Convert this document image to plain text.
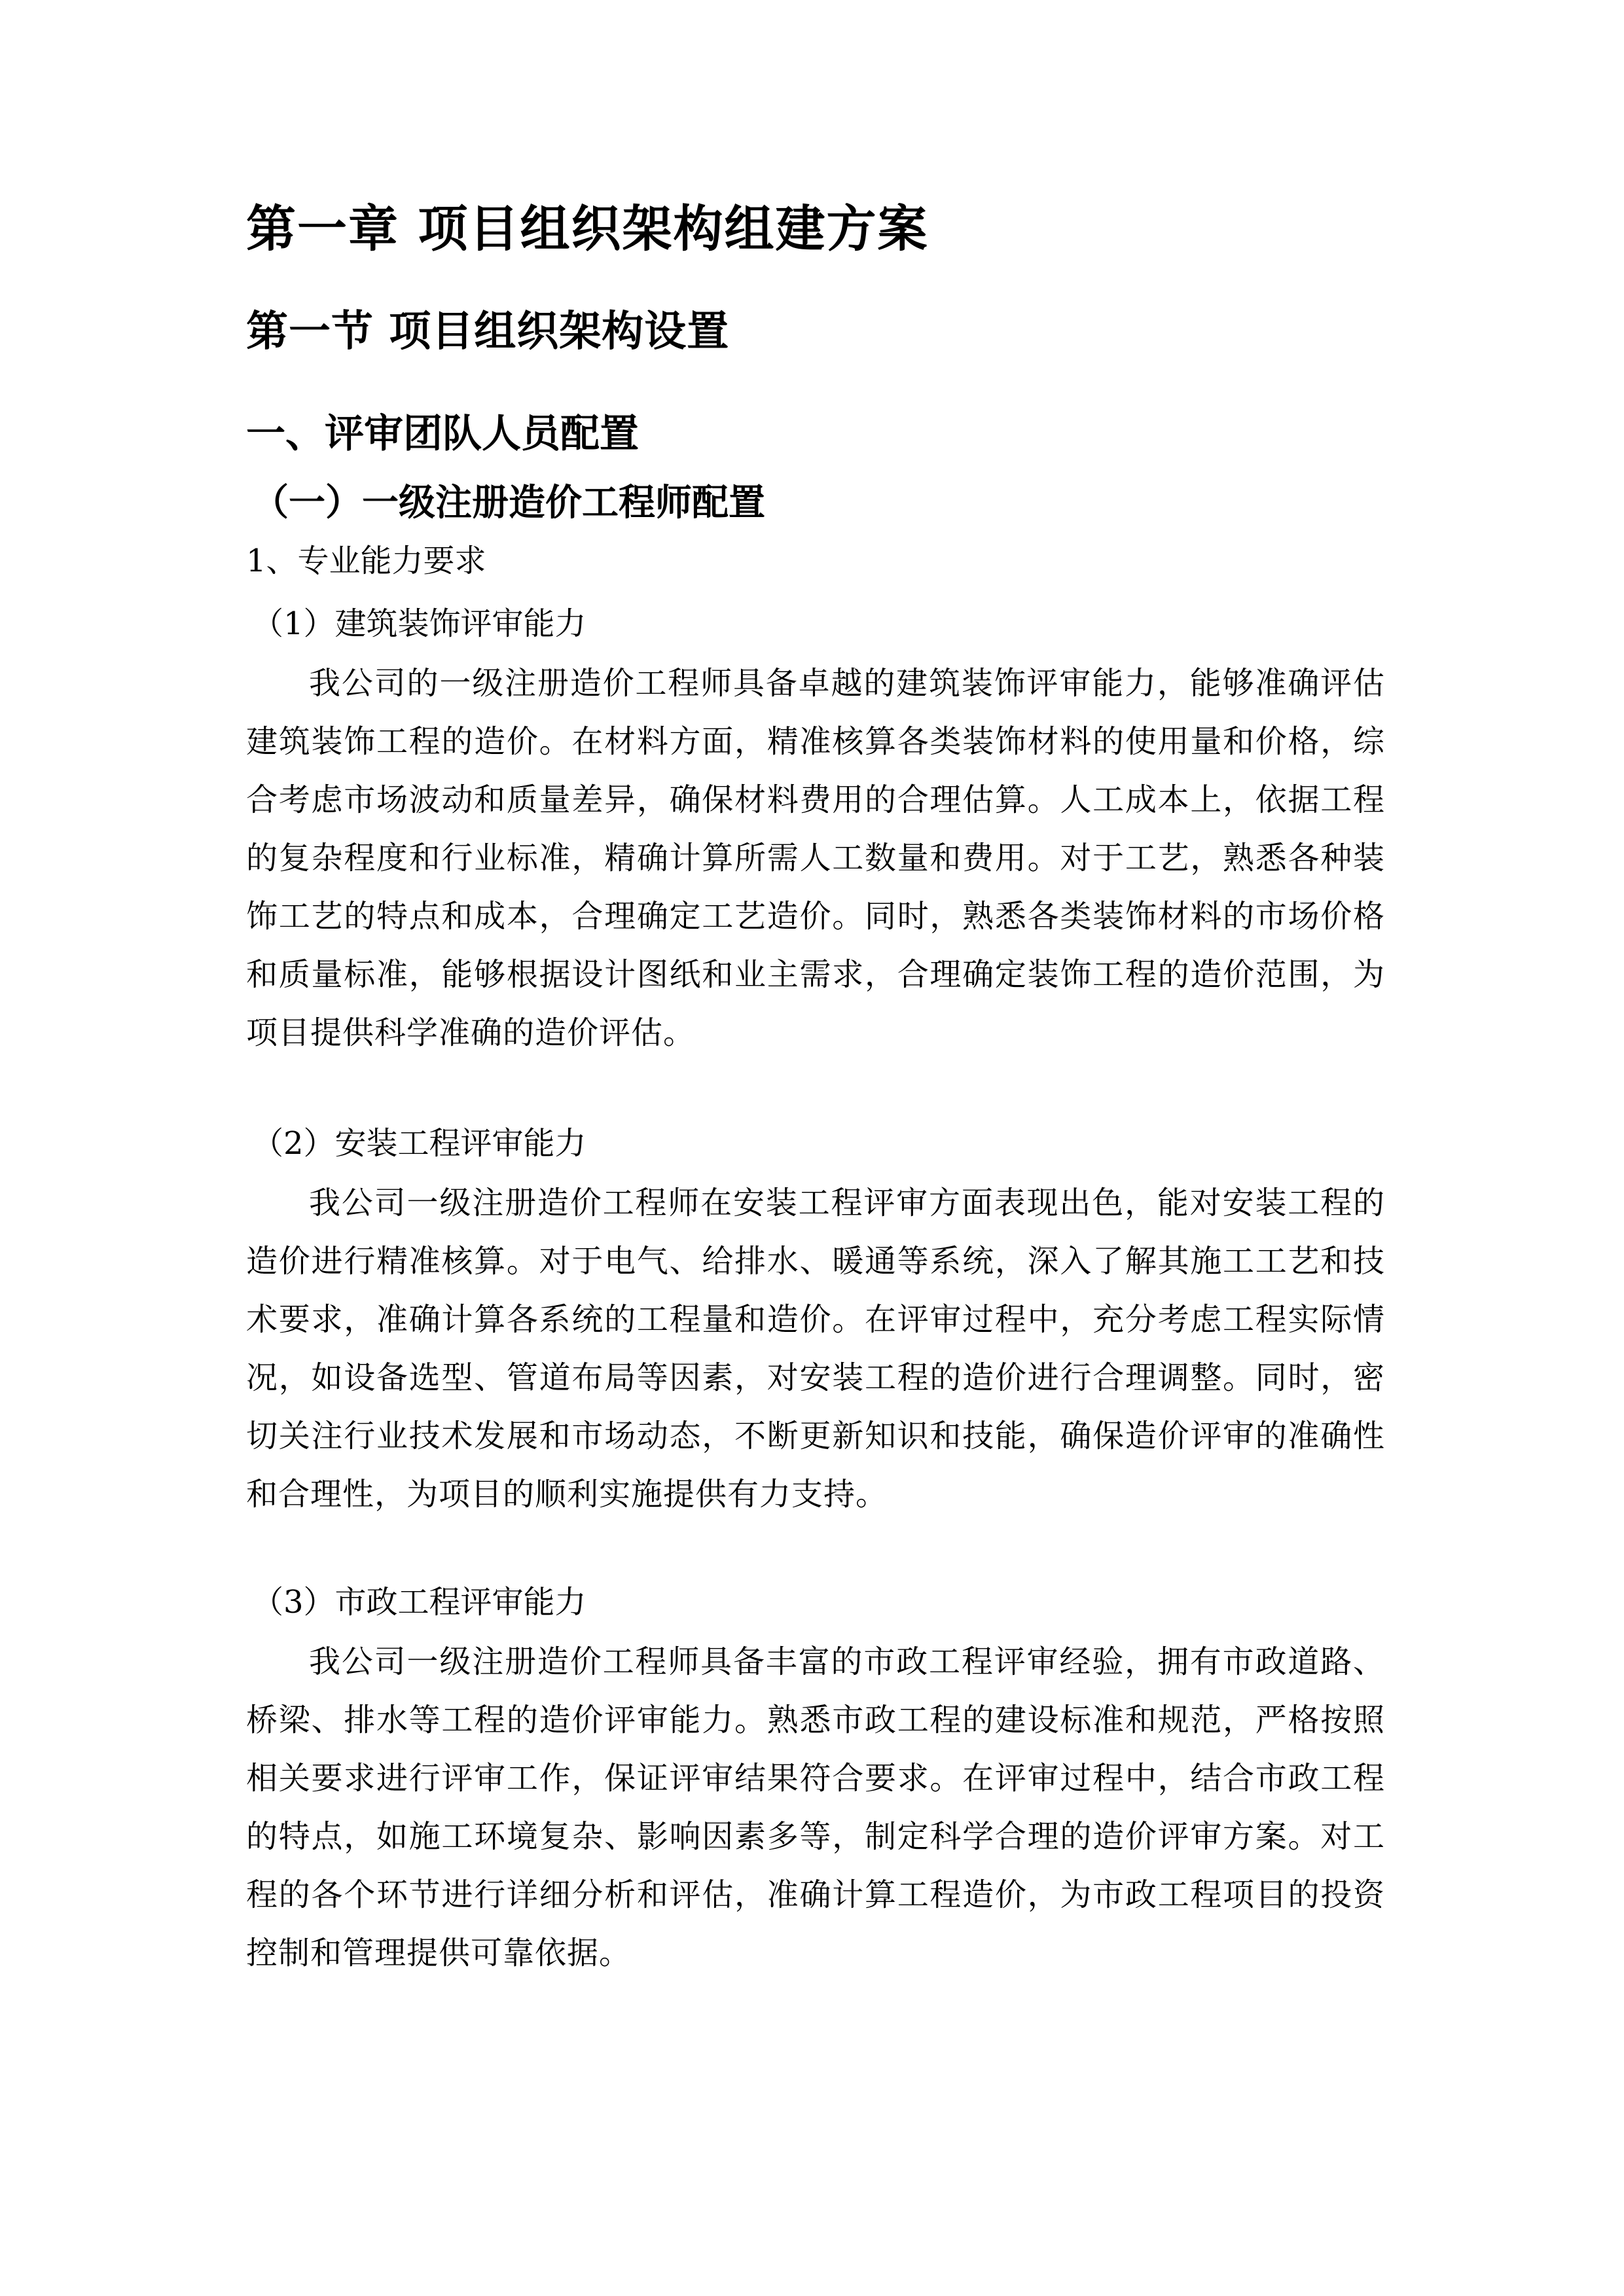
第一章 项目组织架构组建方案
第一节 项目组织架构设置
一、评审团队人员配置
（一）一级注册造价工程师配置
1、专业能力要求
（1）建筑装饰评审能力

我公司的一级注册造价工程师具备卓越的建筑装饰评审能力，能够准确评估建筑装饰工程的造价。在材料方面，精准核算各类装饰材料的使用量和价格，综合考虑市场波动和质量差异，确保材料费用的合理估算。人工成本上，依据工程的复杂程度和行业标准，精确计算所需人工数量和费用。对于工艺，熟悉各种装饰工艺的特点和成本，合理确定工艺造价。同时，熟悉各类装饰材料的市场价格和质量标准，能够根据设计图纸和业主需求，合理确定装饰工程的造价范围，为项目提供科学准确的造价评估。

（2）安装工程评审能力

我公司一级注册造价工程师在安装工程评审方面表现出色，能对安装工程的造价进行精准核算。对于电气、给排水、暖通等系统，深入了解其施工工艺和技术要求，准确计算各系统的工程量和造价。在评审过程中，充分考虑工程实际情况，如设备选型、管道布局等因素，对安装工程的造价进行合理调整。同时，密切关注行业技术发展和市场动态，不断更新知识和技能，确保造价评审的准确性和合理性，为项目的顺利实施提供有力支持。

（3）市政工程评审能力

我公司一级注册造价工程师具备丰富的市政工程评审经验，拥有市政道路、桥梁、排水等工程的造价评审能力。熟悉市政工程的建设标准和规范，严格按照相关要求进行评审工作，保证评审结果符合要求。在评审过程中，结合市政工程的特点，如施工环境复杂、影响因素多等，制定科学合理的造价评审方案。对工程的各个环节进行详细分析和评估，准确计算工程造价，为市政工程项目的投资控制和管理提供可靠依据。
